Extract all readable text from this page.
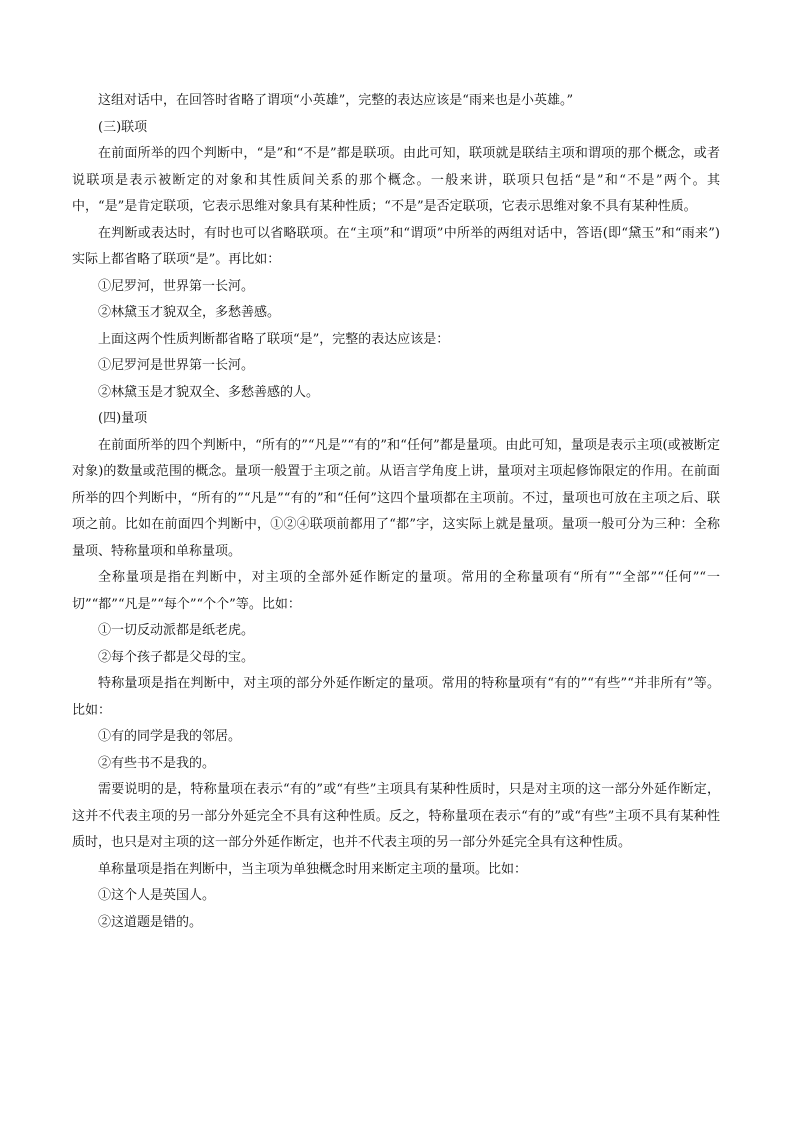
这组对话中，在回答时省略了谓项“小英雄”，完整的表达应该是“雨来也是小英雄。”

(三)联项

在前面所举的四个判断中，“是”和“不是”都是联项。由此可知，联项就是联结主项和谓项的那个概念，或者说联项是表示被断定的对象和其性质间关系的那个概念。一般来讲，联项只包括“是”和“不是”两个。其中，“是”是肯定联项，它表示思维对象具有某种性质；“不是”是否定联项，它表示思维对象不具有某种性质。

在判断或表达时，有时也可以省略联项。在“主项”和“谓项”中所举的两组对话中，答语(即“黛玉”和“雨来”)实际上都省略了联项“是”。再比如：

①尼罗河，世界第一长河。

②林黛玉才貌双全，多愁善感。

上面这两个性质判断都省略了联项“是”，完整的表达应该是：

①尼罗河是世界第一长河。

②林黛玉是才貌双全、多愁善感的人。

(四)量项

在前面所举的四个判断中，“所有的”“凡是”“有的”和“任何”都是量项。由此可知，量项是表示主项(或被断定对象)的数量或范围的概念。量项一般置于主项之前。从语言学角度上讲，量项对主项起修饰限定的作用。在前面所举的四个判断中，“所有的”“凡是”“有的”和“任何”这四个量项都在主项前。不过，量项也可放在主项之后、联项之前。比如在前面四个判断中，①②④联项前都用了“都”字，这实际上就是量项。量项一般可分为三种：全称量项、特称量项和单称量项。

全称量项是指在判断中，对主项的全部外延作断定的量项。常用的全称量项有“所有”“全部”“任何”“一切”“都”“凡是”“每个”“个个”等。比如：

①一切反动派都是纸老虎。

②每个孩子都是父母的宝。

特称量项是指在判断中，对主项的部分外延作断定的量项。常用的特称量项有“有的”“有些”“并非所有”等。比如：

①有的同学是我的邻居。

②有些书不是我的。

需要说明的是，特称量项在表示“有的”或“有些”主项具有某种性质时，只是对主项的这一部分外延作断定，这并不代表主项的另一部分外延完全不具有这种性质。反之，特称量项在表示“有的”或“有些”主项不具有某种性质时，也只是对主项的这一部分外延作断定，也并不代表主项的另一部分外延完全具有这种性质。

单称量项是指在判断中，当主项为单独概念时用来断定主项的量项。比如：

①这个人是英国人。

②这道题是错的。
